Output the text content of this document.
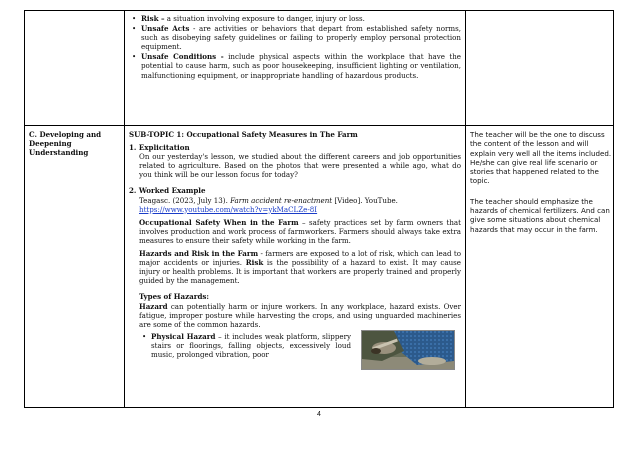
• Risk – a situation involving exposure to danger, injury or loss.
• Unsafe Acts - are activities or behaviors that depart from established safety norms, such as disobeying safety guidelines or failing to properly employ personal protection equipment.
• Unsafe Conditions - include physical aspects within the workplace that have the potential to cause harm, such as poor housekeeping, insufficient lighting or ventilation, malfunctioning equipment, or inappropriate handling of hazardous products.

C. Developing and
Deepening
Understanding

SUB-TOPIC 1: Occupational Safety Measures in The Farm

1. Explicitation

On our yesterday's lesson, we studied about the different careers and job opportunities related to agriculture. Based on the photos that were presented a while ago, what do you think will be our lesson focus for today?

2. Worked Example

Teagasc. (2023, July 13). Farm accident re-enactment [Video]. YouTube.

https://www.youtube.com/watch?v=ykMaCLZe-8I

Occupational Safety When in the Farm – safety practices set by farm owners that involves production and work process of farmworkers. Farmers should always take extra measures to ensure their safety while working in the farm.

Hazards and Risk in the Farm - farmers are exposed to a lot of risk, which can lead to major accidents or injuries. Risk is the possibility of a hazard to exist. It may cause injury or health problems. It is important that workers are properly trained and properly guided by the management.

Types of Hazards:

Hazard can potentially harm or injure workers. In any workplace, hazard exists. Over fatigue, improper posture while harvesting the crops, and using unguarded machineries are some of the common hazards.

• Physical Hazard – it includes weak platform, slippery stairs or floorings, falling objects, excessively loud music, prolonged vibration, poor

The teacher will be the one to discuss the content of the lesson and will explain very well all the items included. He/she can give real life scenario or stories that happened related to the topic.

The teacher should emphasize the hazards of chemical fertilizers. And can give some situations about chemical hazards that may occur in the farm.

4
